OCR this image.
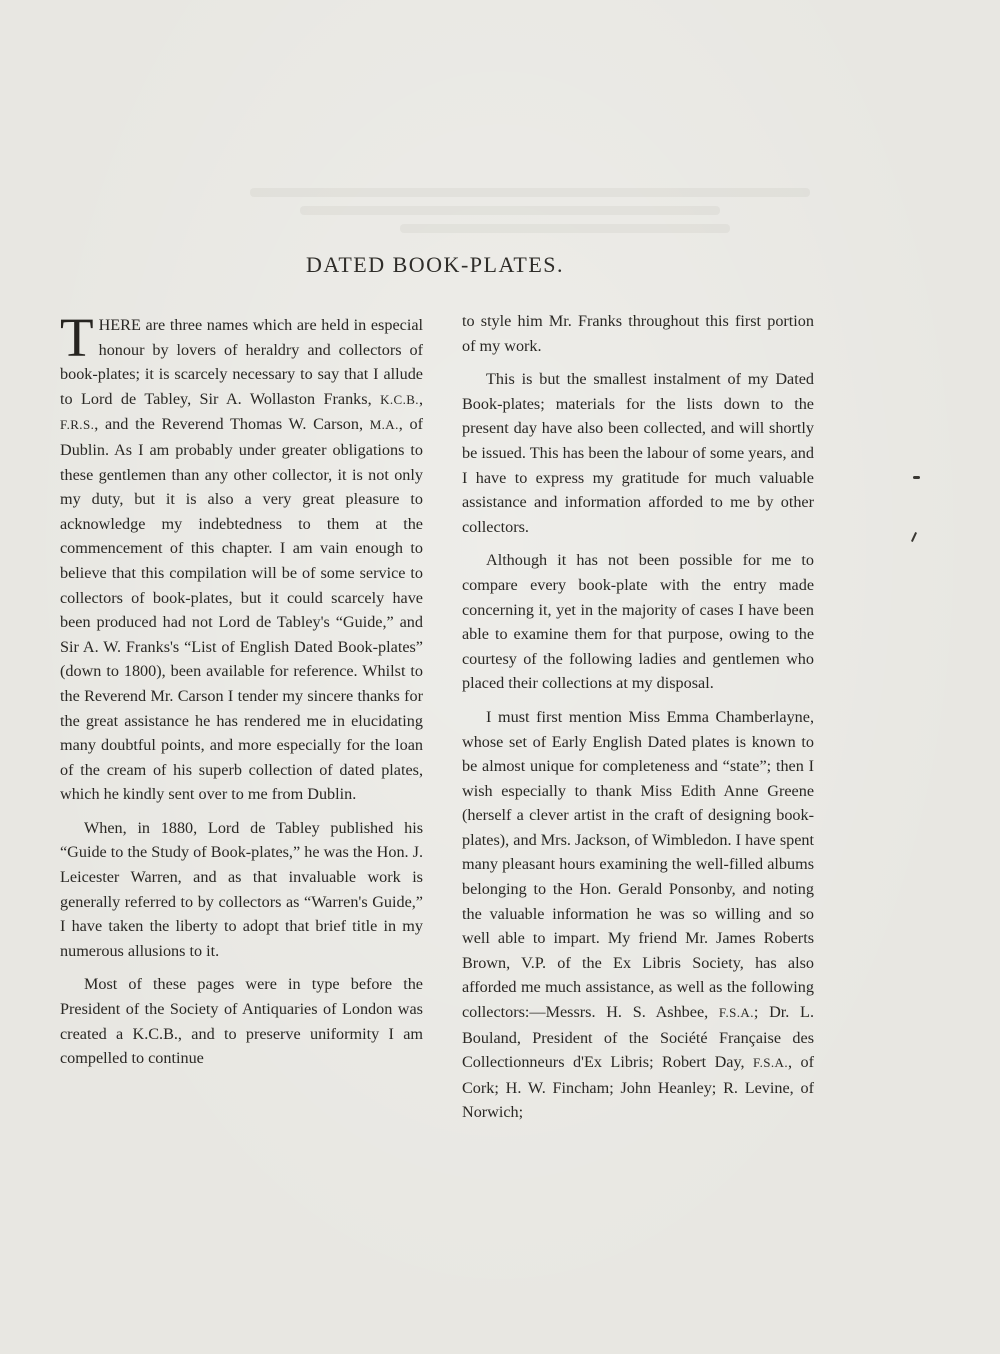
DATED BOOK-PLATES.

THERE are three names which are held in especial honour by lovers of heraldry and collectors of book-plates; it is scarcely necessary to say that I allude to Lord de Tabley, Sir A. Wollaston Franks, K.C.B., F.R.S., and the Reverend Thomas W. Carson, M.A., of Dublin. As I am probably under greater obligations to these gentlemen than any other collector, it is not only my duty, but it is also a very great pleasure to acknowledge my indebtedness to them at the commencement of this chapter. I am vain enough to believe that this compilation will be of some service to collectors of book-plates, but it could scarcely have been produced had not Lord de Tabley's “Guide,” and Sir A. W. Franks's “List of English Dated Book-plates” (down to 1800), been available for reference. Whilst to the Reverend Mr. Carson I tender my sincere thanks for the great assistance he has rendered me in elucidating many doubtful points, and more especially for the loan of the cream of his superb collection of dated plates, which he kindly sent over to me from Dublin.

When, in 1880, Lord de Tabley published his “Guide to the Study of Book-plates,” he was the Hon. J. Leicester Warren, and as that invaluable work is generally referred to by collectors as “Warren's Guide,” I have taken the liberty to adopt that brief title in my numerous allusions to it.

Most of these pages were in type before the President of the Society of Antiquaries of London was created a K.C.B., and to preserve uniformity I am compelled to continue

to style him Mr. Franks throughout this first portion of my work.

This is but the smallest instalment of my Dated Book-plates; materials for the lists down to the present day have also been collected, and will shortly be issued. This has been the labour of some years, and I have to express my gratitude for much valuable assistance and information afforded to me by other collectors.

Although it has not been possible for me to compare every book-plate with the entry made concerning it, yet in the majority of cases I have been able to examine them for that purpose, owing to the courtesy of the following ladies and gentlemen who placed their collections at my disposal.

I must first mention Miss Emma Chamberlayne, whose set of Early English Dated plates is known to be almost unique for completeness and “state”; then I wish especially to thank Miss Edith Anne Greene (herself a clever artist in the craft of designing book-plates), and Mrs. Jackson, of Wimbledon. I have spent many pleasant hours examining the well-filled albums belonging to the Hon. Gerald Ponsonby, and noting the valuable information he was so willing and so well able to impart. My friend Mr. James Roberts Brown, V.P. of the Ex Libris Society, has also afforded me much assistance, as well as the following collectors:—Messrs. H. S. Ashbee, F.S.A.; Dr. L. Bouland, President of the Société Française des Collectionneurs d'Ex Libris; Robert Day, F.S.A., of Cork; H. W. Fincham; John Heanley; R. Levine, of Norwich;
